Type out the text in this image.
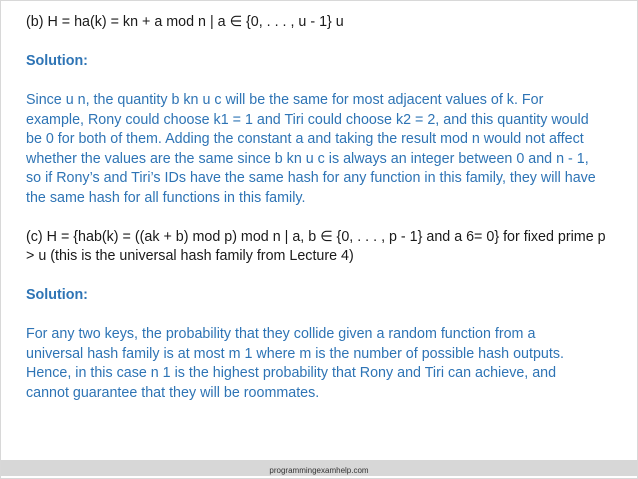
(b) H = ha(k) = kn + a mod n | a ∈ {0, . . . , u - 1} u
Solution:
Since u n, the quantity b kn u c will be the same for most adjacent values of k. For
example, Rony could choose k1 = 1 and Tiri could choose k2 = 2, and this quantity would
be 0 for both of them. Adding the constant a and taking the result mod n would not affect
whether the values are the same since b kn u c is always an integer between 0 and n - 1,
so if Rony’s and Tiri’s IDs have the same hash for any function in this family, they will have
the same hash for all functions in this family.
(c) H = {hab(k) = ((ak + b) mod p) mod n | a, b ∈ {0, . . . , p - 1} and a 6= 0} for fixed prime p
> u (this is the universal hash family from Lecture 4)
Solution:
For any two keys, the probability that they collide given a random function from a
universal hash family is at most m 1 where m is the number of possible hash outputs.
Hence, in this case n 1 is the highest probability that Rony and Tiri can achieve, and
cannot guarantee that they will be roommates.
programmingexamhelp.com
